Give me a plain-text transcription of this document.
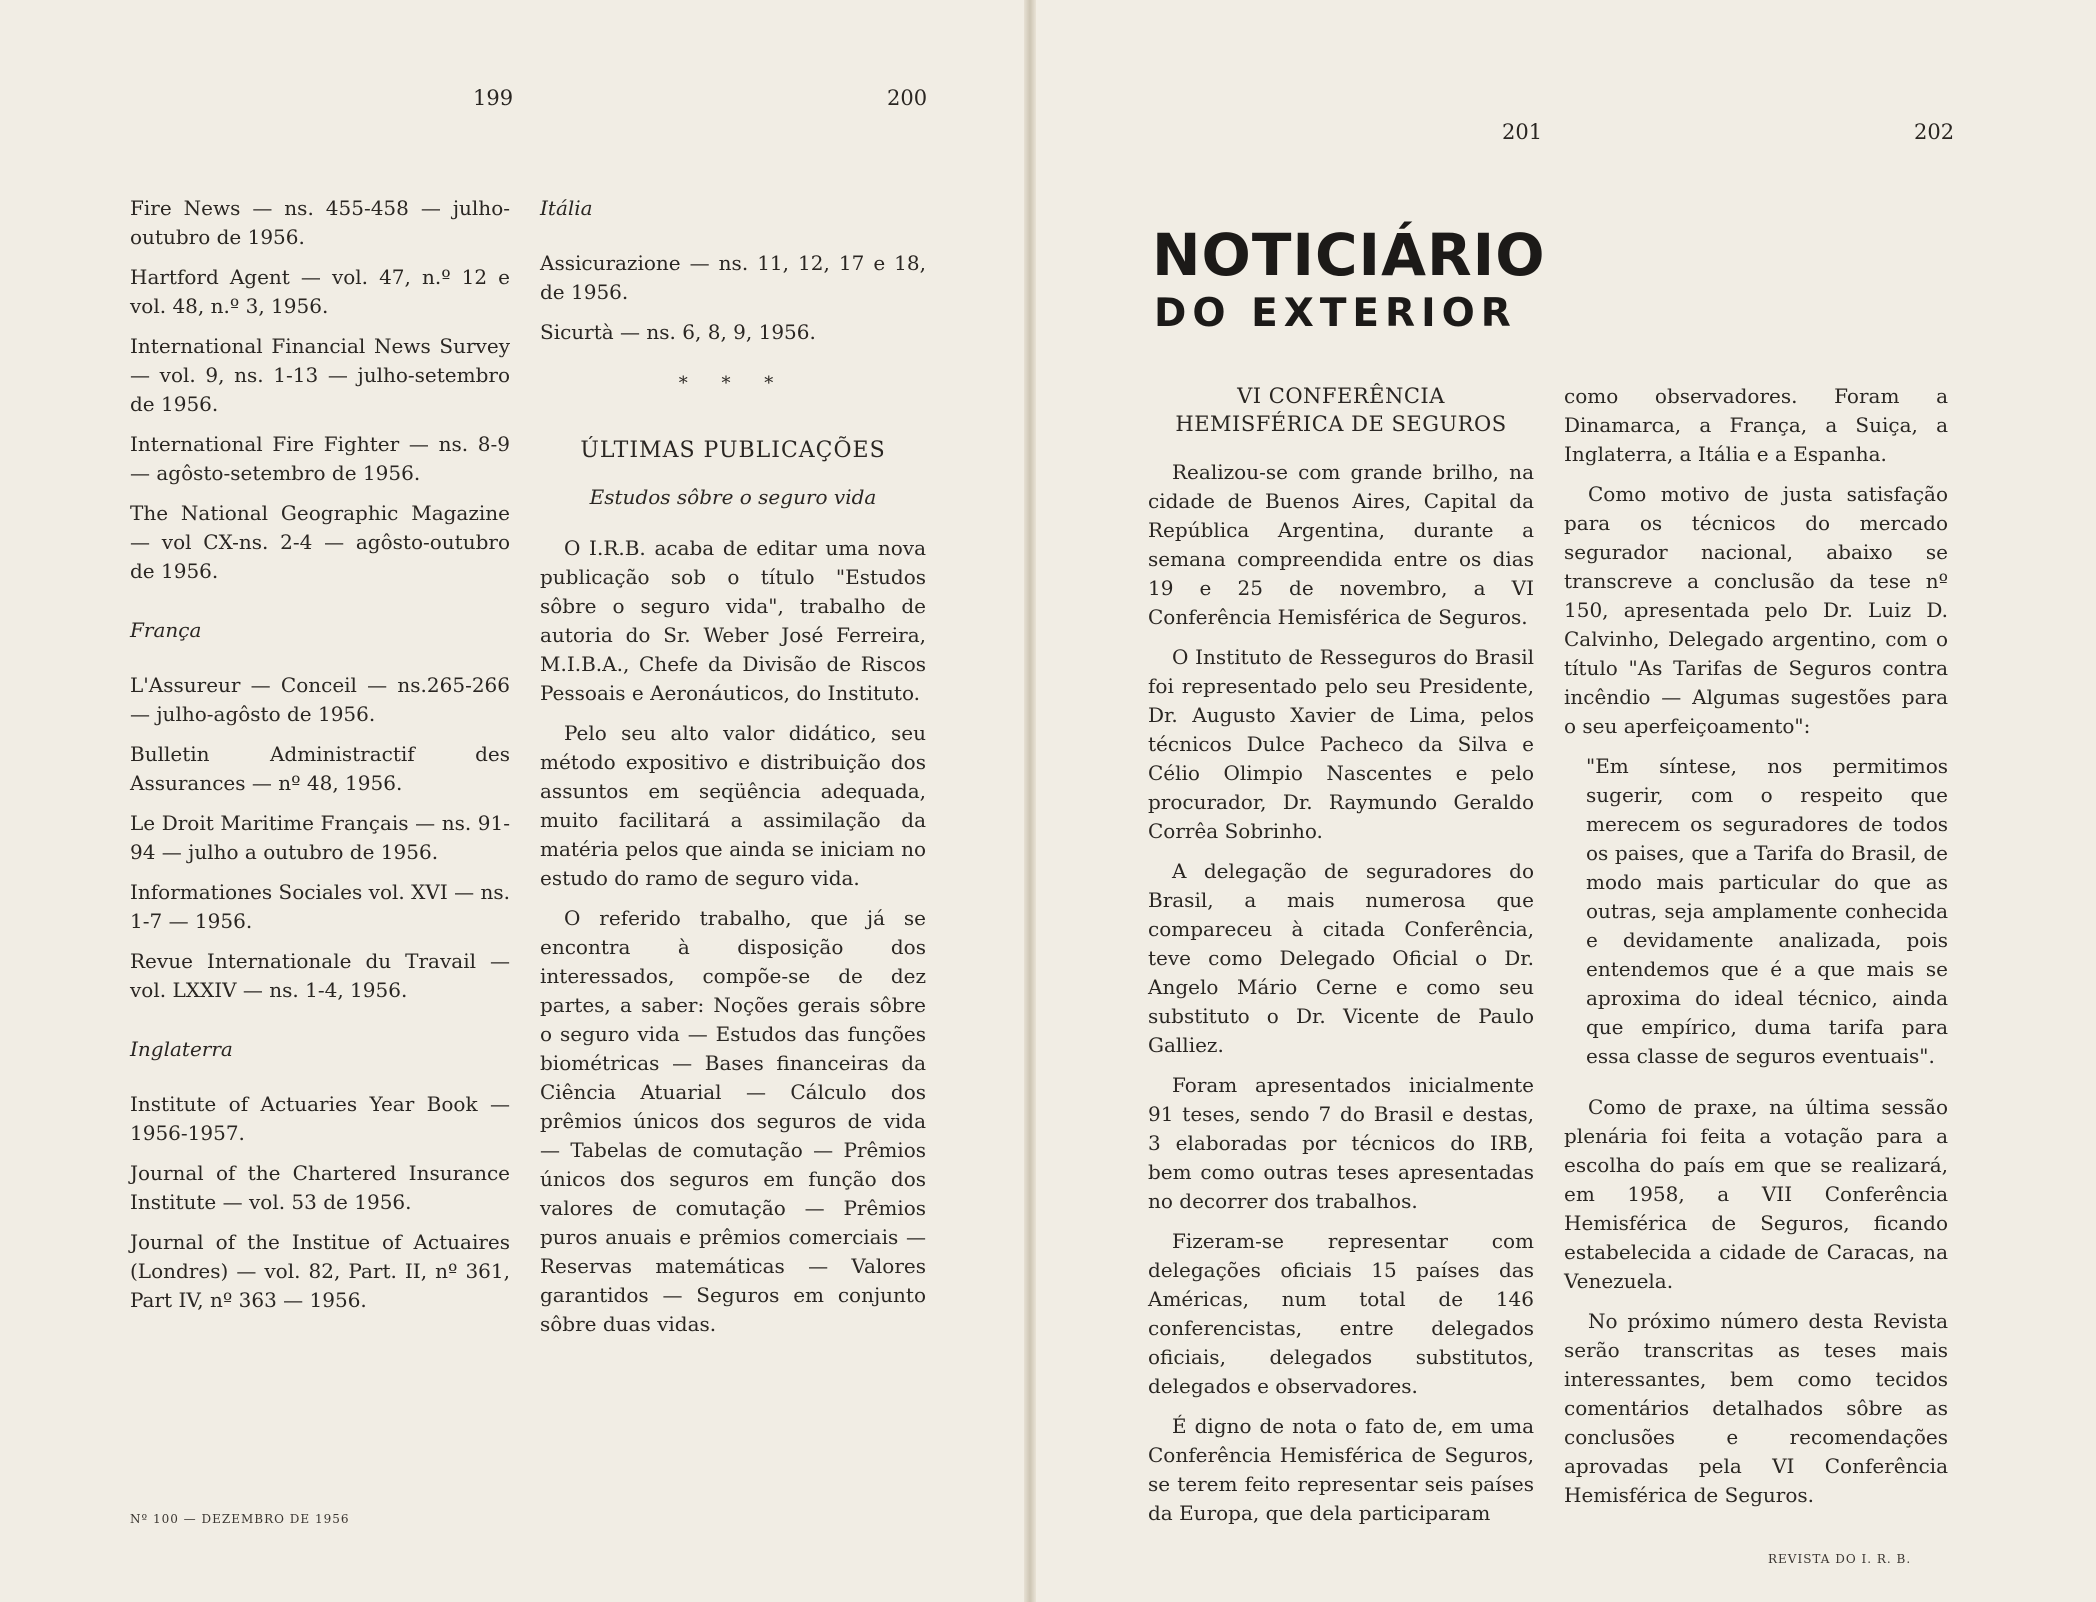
199	200
201	202

Fire News — ns. 455-458 — julho-outubro de 1956.

Hartford Agent — vol. 47, n.º 12 e vol. 48, n.º 3, 1956.

International Financial News Survey — vol. 9, ns. 1-13 — julho-setembro de 1956.

International Fire Fighter — ns. 8-9 — agôsto-setembro de 1956.

The National Geographic Magazine — vol CX-ns. 2-4 — agôsto-outubro de 1956.

França

L'Assureur — Conceil — ns.265-266 — julho-agôsto de 1956.

Bulletin Administractif des Assurances — nº 48, 1956.

Le Droit Maritime Français — ns. 91-94 — julho a outubro de 1956.

Informationes Sociales vol. XVI — ns. 1-7 — 1956.

Revue Internationale du Travail — vol. LXXIV — ns. 1-4, 1956.

Inglaterra

Institute of Actuaries Year Book — 1956-1957.

Journal of the Chartered Insurance Institute — vol. 53 de 1956.

Journal of the Institue of Actuaires (Londres) — vol. 82, Part. II, nº 361, Part IV, nº 363 — 1956.

Itália

Assicurazione — ns. 11, 12, 17 e 18, de 1956.

Sicurtà — ns. 6, 8, 9, 1956.

* * *
ÚLTIMAS PUBLICAÇÕES
Estudos sôbre o seguro vida

O I.R.B. acaba de editar uma nova publicação sob o título "Estudos sôbre o seguro vida", trabalho de autoria do Sr. Weber José Ferreira, M.I.B.A., Chefe da Divisão de Riscos Pessoais e Aeronáuticos, do Instituto.

Pelo seu alto valor didático, seu método expositivo e distribuição dos assuntos em seqüência adequada, muito facilitará a assimilação da matéria pelos que ainda se iniciam no estudo do ramo de seguro vida.

O referido trabalho, que já se encontra à disposição dos interessados, compõe-se de dez partes, a saber: Noções gerais sôbre o seguro vida — Estudos das funções biométricas — Bases financeiras da Ciência Atuarial — Cálculo dos prêmios únicos dos seguros de vida — Tabelas de comutação — Prêmios únicos dos seguros em função dos valores de comutação — Prêmios puros anuais e prêmios comerciais — Reservas matemáticas — Valores garantidos — Seguros em conjunto sôbre duas vidas.

Nº 100 — DEZEMBRO DE 1956
NOTICIÁRIO
DO EXTERIOR
VI CONFERÊNCIA
HEMISFÉRICA DE SEGUROS

Realizou-se com grande brilho, na cidade de Buenos Aires, Capital da República Argentina, durante a semana compreendida entre os dias 19 e 25 de novembro, a VI Conferência Hemisférica de Seguros.

O Instituto de Resseguros do Brasil foi representado pelo seu Presidente, Dr. Augusto Xavier de Lima, pelos técnicos Dulce Pacheco da Silva e Célio Olimpio Nascentes e pelo procurador, Dr. Raymundo Geraldo Corrêa Sobrinho.

A delegação de seguradores do Brasil, a mais numerosa que compareceu à citada Conferência, teve como Delegado Oficial o Dr. Angelo Mário Cerne e como seu substituto o Dr. Vicente de Paulo Galliez.

Foram apresentados inicialmente 91 teses, sendo 7 do Brasil e destas, 3 elaboradas por técnicos do IRB, bem como outras teses apresentadas no decorrer dos trabalhos.

Fizeram-se representar com delegações oficiais 15 países das Américas, num total de 146 conferencistas, entre delegados oficiais, delegados substitutos, delegados e observadores.

É digno de nota o fato de, em uma Conferência Hemisférica de Seguros, se terem feito representar seis países da Europa, que dela participaram

como observadores. Foram a Dinamarca, a França, a Suiça, a Inglaterra, a Itália e a Espanha.

Como motivo de justa satisfação para os técnicos do mercado segurador nacional, abaixo se transcreve a conclusão da tese nº 150, apresentada pelo Dr. Luiz D. Calvinho, Delegado argentino, com o título "As Tarifas de Seguros contra incêndio — Algumas sugestões para o seu aperfeiçoamento":

"Em síntese, nos permitimos sugerir, com o respeito que merecem os seguradores de todos os paises, que a Tarifa do Brasil, de modo mais particular do que as outras, seja amplamente conhecida e devidamente analizada, pois entendemos que é a que mais se aproxima do ideal técnico, ainda que empírico, duma tarifa para essa classe de seguros eventuais".

Como de praxe, na última sessão plenária foi feita a votação para a escolha do país em que se realizará, em 1958, a VII Conferência Hemisférica de Seguros, ficando estabelecida a cidade de Caracas, na Venezuela.

No próximo número desta Revista serão transcritas as teses mais interessantes, bem como tecidos comentários detalhados sôbre as conclusões e recomendações aprovadas pela VI Conferência Hemisférica de Seguros.

REVISTA DO I. R. B.
